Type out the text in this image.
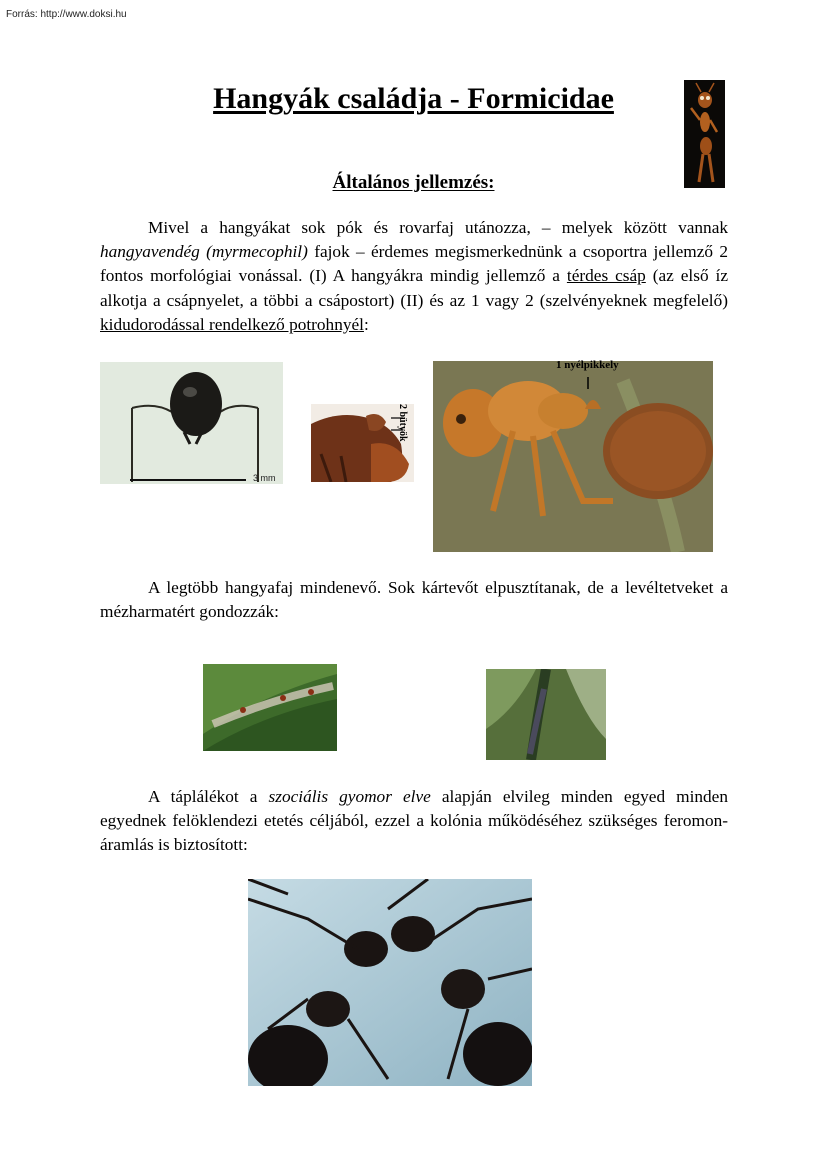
Forrás: http://www.doksi.hu
Hangyák családja - Formicidae
Általános jellemzés:

Mivel a hangyákat sok pók és rovarfaj utánozza, – melyek között vannak hangyavendég (myrmecophil) fajok – érdemes megismerkednünk a csoportra jellemző 2 fontos morfológiai vonással. (I) A hangyákra mindig jellemző a térdes csáp (az első íz alkotja a csápnyelet, a többi a csápostort) (II) és az 1 vagy 2 (szelvényeknek megfelelő) kidudorodással rendelkező potrohnyél:

3 mm
2 bütyök
1 nyélpikkely

A legtöbb hangyafaj mindenevő. Sok kártevőt elpusztítanak, de a levéltetveket a mézharmatért gondozzák:

A táplálékot a szociális gyomor elve alapján elvileg minden egyed minden egyednek felöklendezi etetés céljából, ezzel a kolónia működéséhez szükséges feromon-áramlás is biztosított:
